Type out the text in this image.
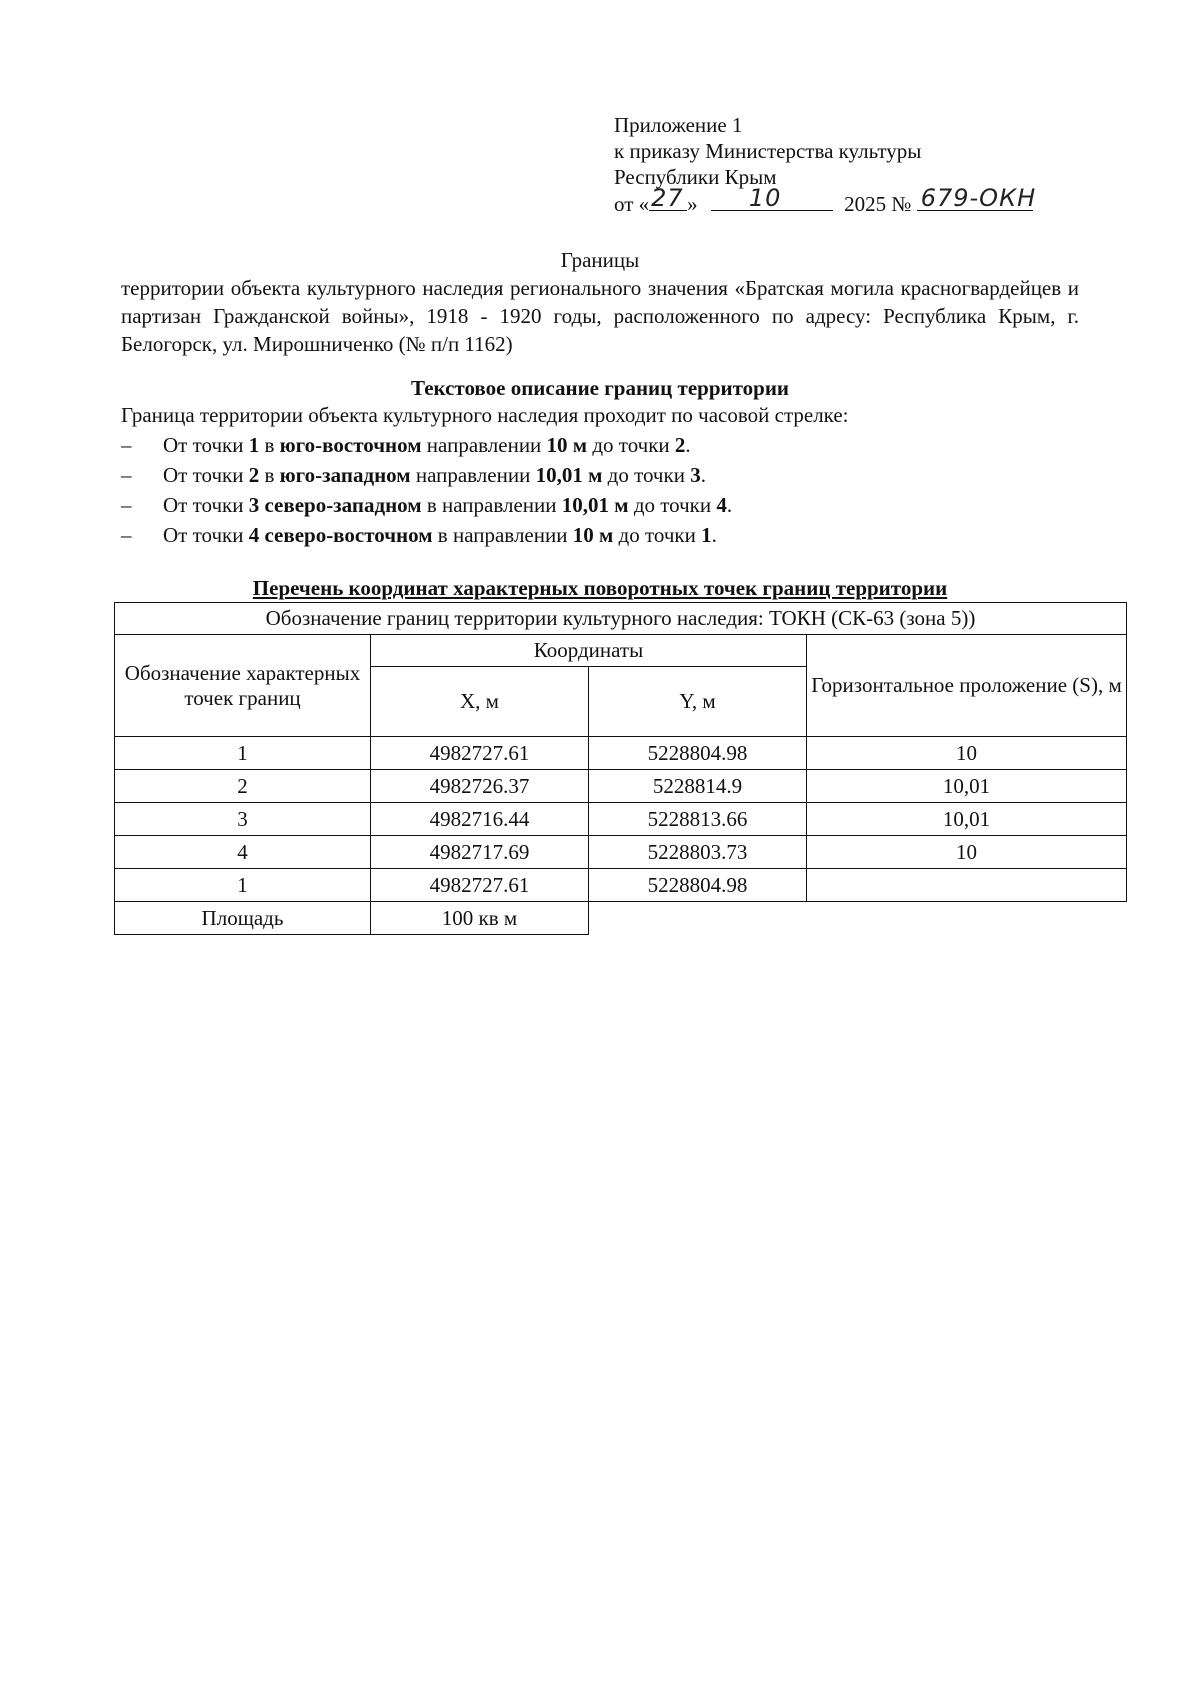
Приложение 1
к приказу Министерства культуры
Республики Крым
от « 27 » 10	2025 № 679-ОКН
Границы

территории объекта культурного наследия регионального значения «Братская могила красногвардейцев и партизан Гражданской войны», 1918 - 1920 годы, расположенного по адресу: Республика Крым, г. Белогорск, ул. Мирошниченко (№ п/п 1162)

Текстовое описание границ территории
Граница территории объекта культурного наследия проходит по часовой стрелке:
– От точки 1 в юго-восточном направлении 10 м до точки 2.
– От точки 2 в юго-западном направлении 10,01 м до точки 3.
– От точки 3 северо-западном в направлении 10,01 м до точки 4.
– От точки 4 северо-восточном в направлении 10 м до точки 1.
Перечень координат характерных поворотных точек границ территории
Обозначение границ территории культурного наследия: ТОКН (СК-63 (зона 5))			
Обозначение характерных точек границ	Координаты		Горизонтальное проложение (S), м
	X, м	Y, м	
1	4982727.61	5228804.98	10
2	4982726.37	5228814.9	10,01
3	4982716.44	5228813.66	10,01
4	4982717.69	5228803.73	10
1	4982727.61	5228804.98	
Площадь	100 кв м		
